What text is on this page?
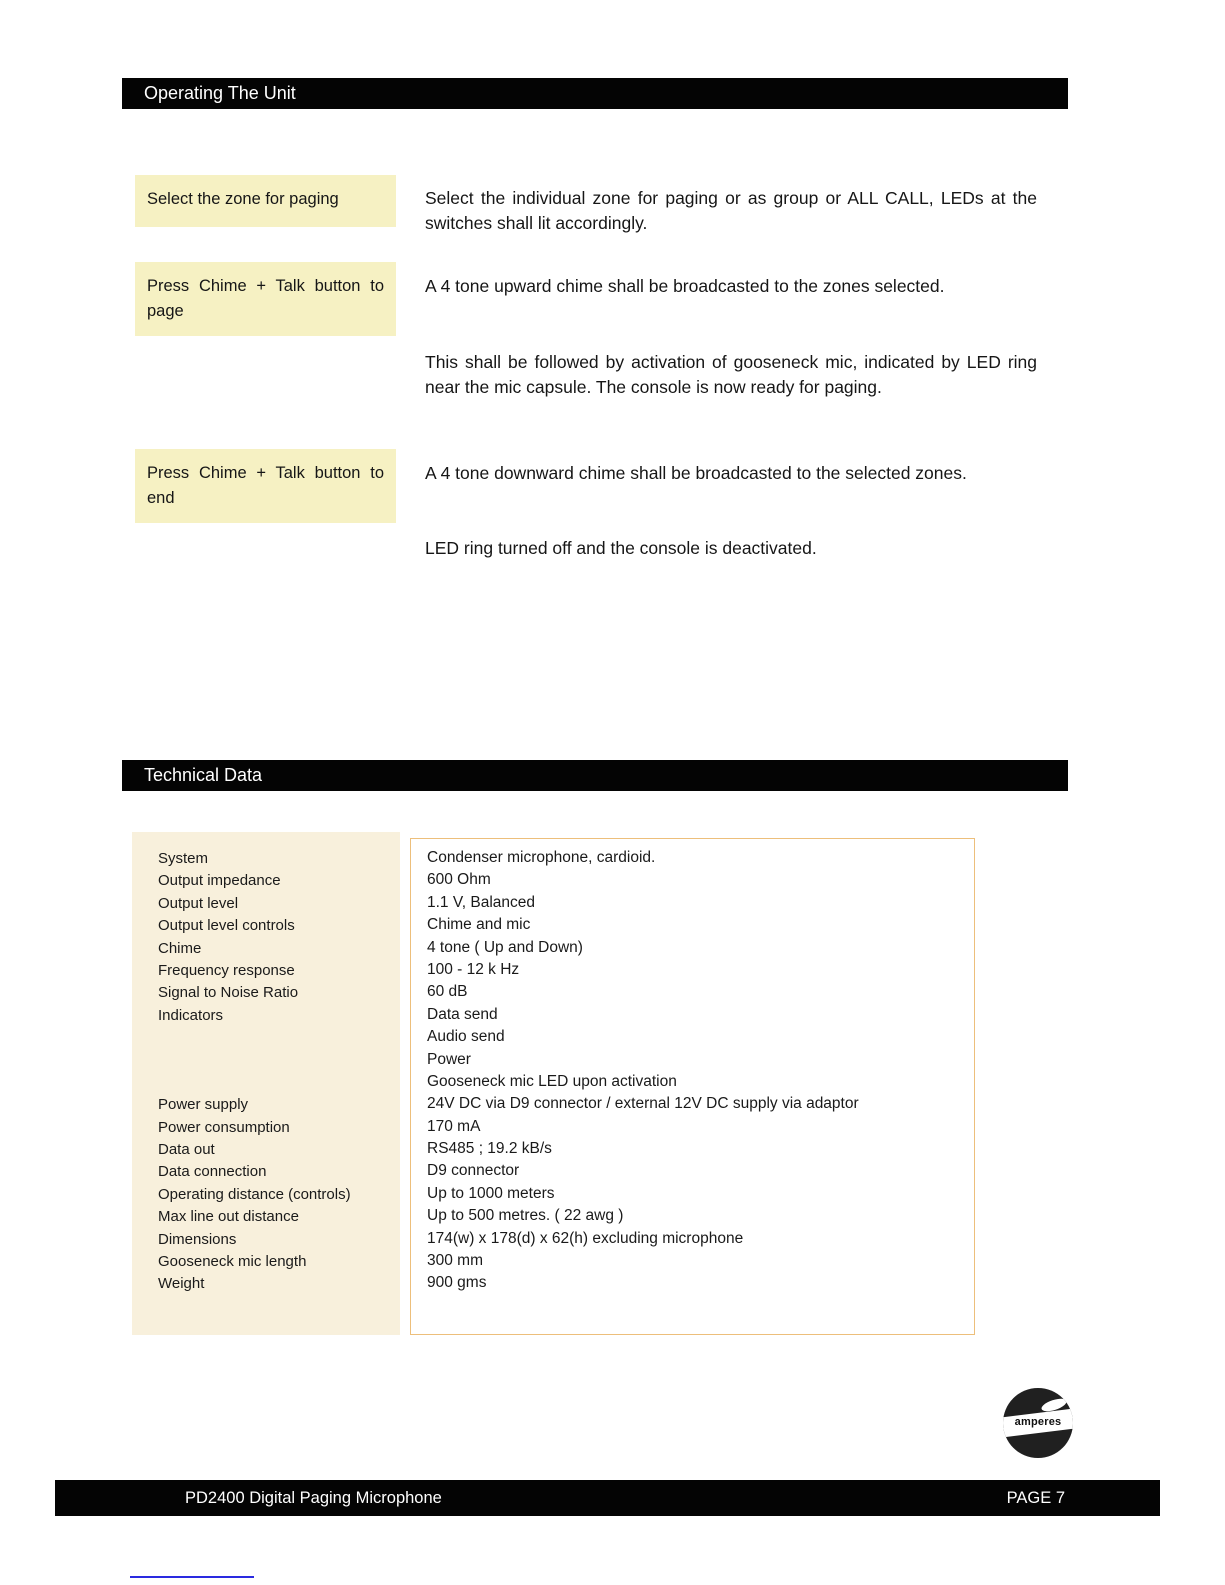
Operating The Unit
Select the zone for paging	Select the individual zone for paging or as group or ALL CALL, LEDs at the switches shall lit accordingly.
Press Chime + Talk button to page
A 4 tone upward chime shall be broadcasted to the zones selected.
This shall be followed by activation of gooseneck mic, indicated by LED ring near the mic capsule. The console is now ready for paging.
Press Chime + Talk button to end
A 4 tone downward chime shall be broadcasted to the selected zones.
LED ring turned off and the console is deactivated.
Technical Data
System
Output impedance
Output level
Output level controls
Chime
Frequency response
Signal to Noise Ratio
Indicators
Power supply
Power consumption
Data out
Data connection
Operating distance (controls)
Max line out distance
Dimensions
Gooseneck mic length
Weight
Condenser microphone, cardioid.
600 Ohm
1.1 V, Balanced
Chime and mic
4 tone ( Up and Down)
100 - 12 k Hz
60 dB
Data send
Audio send
Power
Gooseneck mic LED upon activation
24V DC via D9 connector / external 12V DC supply via adaptor
170 mA
RS485 ; 19.2 kB/s
D9 connector
Up to 1000 meters
Up to 500 metres. ( 22 awg )
174(w) x 178(d) x 62(h) excluding microphone
300 mm
900 gms
amperes
PD2400 Digital Paging Microphone	PAGE 7
